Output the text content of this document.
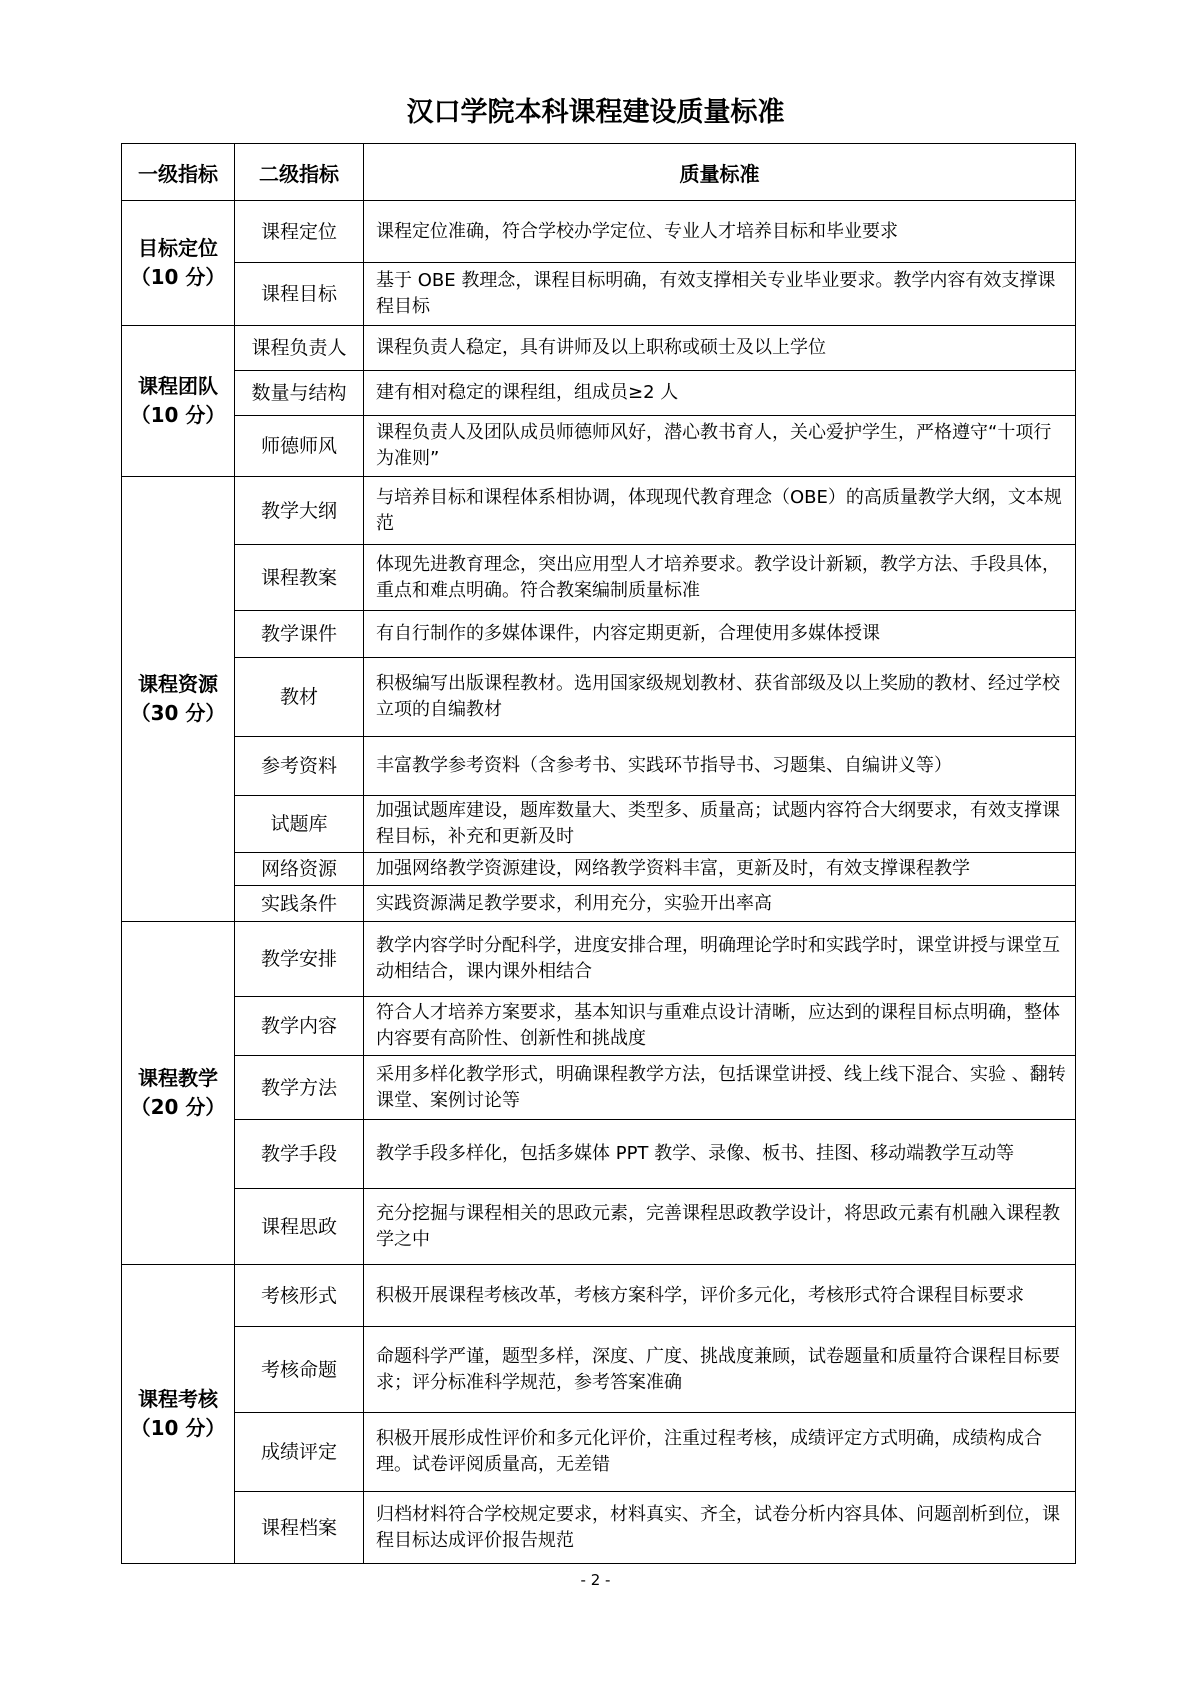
汉口学院本科课程建设质量标准
一级指标	二级指标	质量标准

目标定位
（10 分）	课程定位	课程定位准确，符合学校办学定位、专业人才培养目标和毕业要求
	课程目标	基于 OBE 教理念，课程目标明确，有效支撑相关专业毕业要求。教学内容有效支撑课程目标

课程团队
（10 分）	课程负责人	课程负责人稳定，具有讲师及以上职称或硕士及以上学位
	数量与结构	建有相对稳定的课程组，组成员≥2 人
	师德师风	课程负责人及团队成员师德师风好，潜心教书育人，关心爱护学生，严格遵守“十项行为准则”

课程资源
（30 分）	教学大纲	与培养目标和课程体系相协调，体现现代教育理念（OBE）的高质量教学大纲，文本规范
	课程教案	体现先进教育理念，突出应用型人才培养要求。教学设计新颖，教学方法、手段具体，重点和难点明确。符合教案编制质量标准
	教学课件	有自行制作的多媒体课件，内容定期更新，合理使用多媒体授课
	教材	积极编写出版课程教材。选用国家级规划教材、获省部级及以上奖励的教材、经过学校立项的自编教材
	参考资料	丰富教学参考资料（含参考书、实践环节指导书、习题集、自编讲义等）
	试题库	加强试题库建设，题库数量大、类型多、质量高；试题内容符合大纲要求，有效支撑课程目标，补充和更新及时
	网络资源	加强网络教学资源建设，网络教学资料丰富，更新及时，有效支撑课程教学
	实践条件	实践资源满足教学要求，利用充分，实验开出率高

课程教学
（20 分）	教学安排	教学内容学时分配科学，进度安排合理，明确理论学时和实践学时，课堂讲授与课堂互动相结合，课内课外相结合
	教学内容	符合人才培养方案要求，基本知识与重难点设计清晰，应达到的课程目标点明确，整体内容要有高阶性、创新性和挑战度
	教学方法	采用多样化教学形式，明确课程教学方法，包括课堂讲授、线上线下混合、实验 、翻转课堂、案例讨论等
	教学手段	教学手段多样化，包括多媒体 PPT 教学、录像、板书、挂图、移动端教学互动等
	课程思政	充分挖掘与课程相关的思政元素，完善课程思政教学设计，将思政元素有机融入课程教学之中

课程考核
（10 分）	考核形式	积极开展课程考核改革，考核方案科学，评价多元化，考核形式符合课程目标要求
	考核命题	命题科学严谨，题型多样，深度、广度、挑战度兼顾，试卷题量和质量符合课程目标要求；评分标准科学规范，参考答案准确
	成绩评定	积极开展形成性评价和多元化评价，注重过程考核，成绩评定方式明确，成绩构成合理。试卷评阅质量高，无差错
	课程档案	归档材料符合学校规定要求，材料真实、齐全，试卷分析内容具体、问题剖析到位，课程目标达成评价报告规范
- 2 -
